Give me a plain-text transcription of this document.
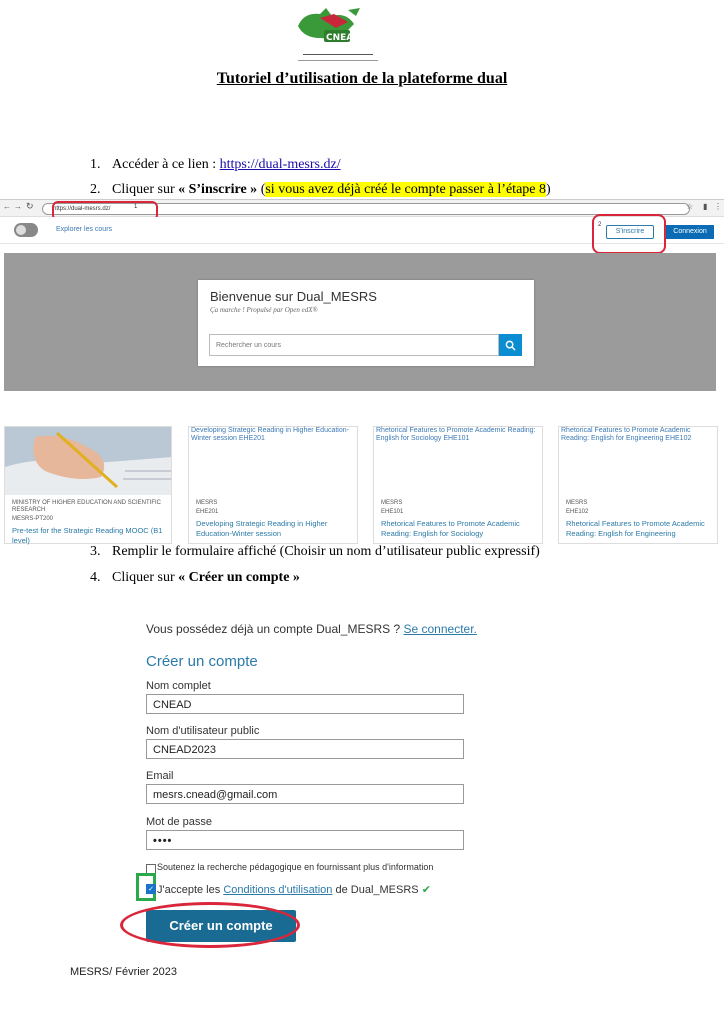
CNEAD
Tutoriel d’utilisation de la plateforme dual
1. Accéder à ce lien : https://dual-mesrs.dz/
2. Cliquer sur « S’inscrire » (si vous avez déjà créé le compte passer à l’étape 8)
← → ↻	https://dual-mesrs.dz/	☆ ▮ ⋮
1
Explorer les cours
2
S'inscrire	Connexion
Bienvenue sur Dual_MESRS
Ça marche ! Propulsé par Open edX®
Rechercher un cours
MINISTRY OF HIGHER EDUCATION AND SCIENTIFIC RESEARCH
MESRS-PT200
Pre-test for the Strategic Reading MOOC (B1 level)
Developing Strategic Reading in Higher Education-Winter session EHE201
MESRS
EHE201
Developing Strategic Reading in Higher Education-Winter session
Rhetorical Features to Promote Academic Reading: English for Sociology EHE101
MESRS
EHE101
Rhetorical Features to Promote Academic Reading: English for Sociology
Rhetorical Features to Promote Academic Reading: English for Engineering EHE102
MESRS
EHE102
Rhetorical Features to Promote Academic Reading: English for Engineering
3. Remplir le formulaire affiché (Choisir un nom d’utilisateur public expressif)
4. Cliquer sur « Créer un compte »
Vous possédez déjà un compte Dual_MESRS ? Se connecter.
Créer un compte
Nom complet
CNEAD
Nom d'utilisateur public
CNEAD2023
Email
mesrs.cnead@gmail.com
Mot de passe
••••
Soutenez la recherche pédagogique en fournissant plus d'information
✓ J'accepte les Conditions d'utilisation de Dual_MESRS ✔
Créer un compte
MESRS/ Février 2023
